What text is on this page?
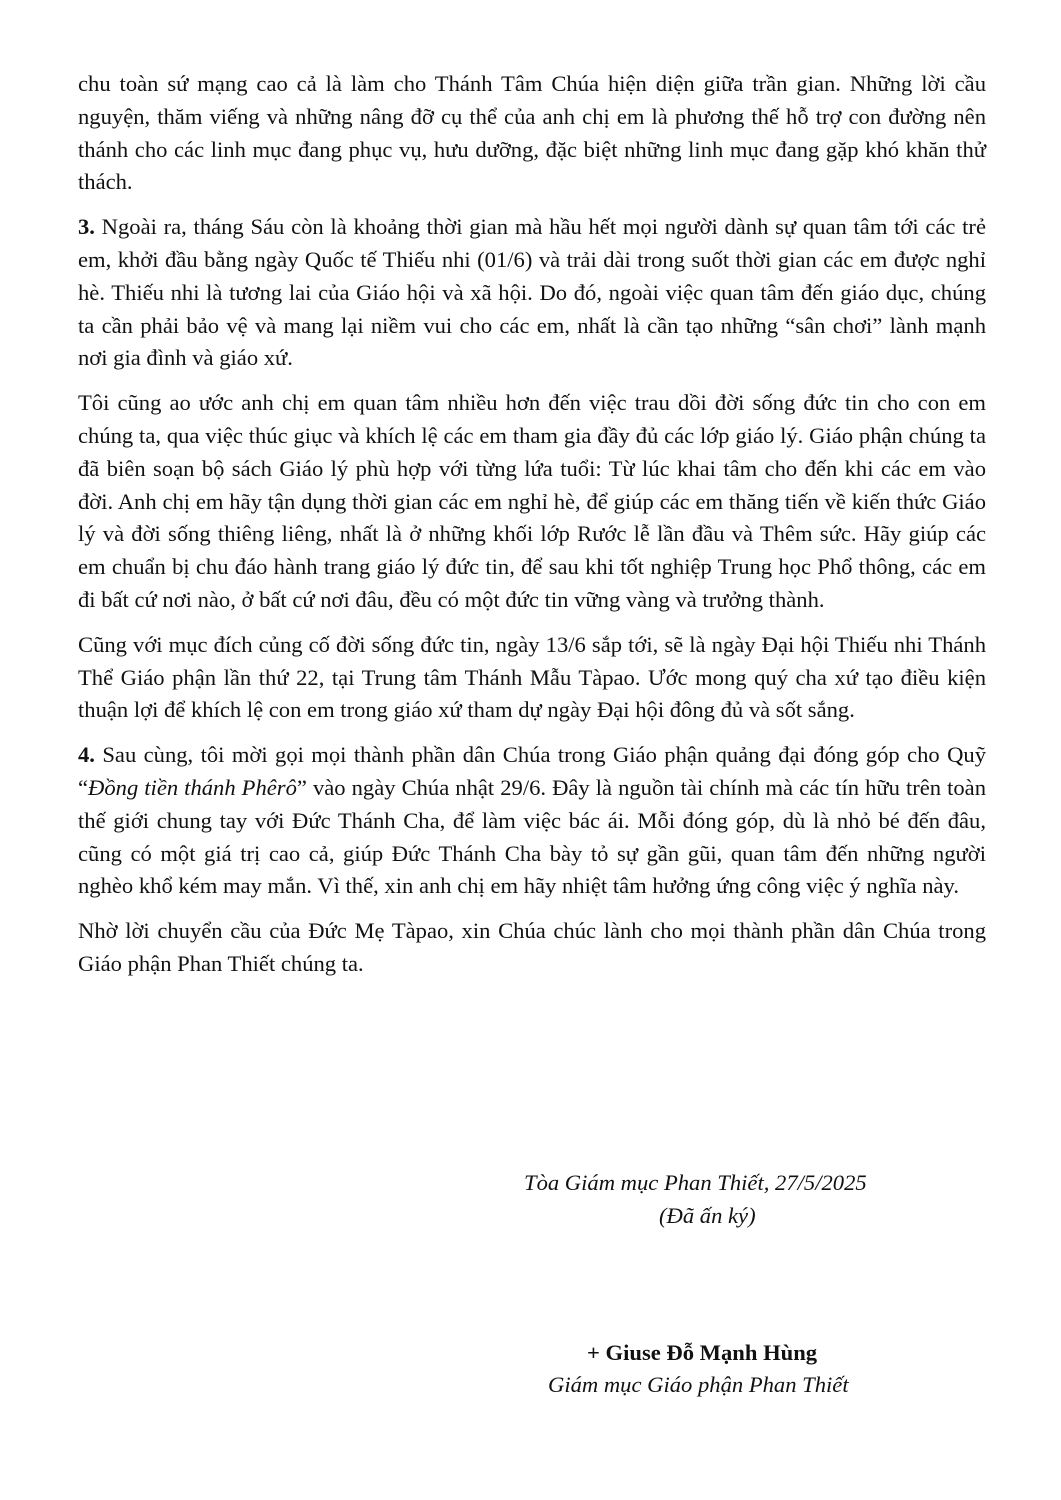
chu toàn sứ mạng cao cả là làm cho Thánh Tâm Chúa hiện diện giữa trần gian. Những lời cầu nguyện, thăm viếng và những nâng đỡ cụ thể của anh chị em là phương thế hỗ trợ con đường nên thánh cho các linh mục đang phục vụ, hưu dưỡng, đặc biệt những linh mục đang gặp khó khăn thử thách.

3. Ngoài ra, tháng Sáu còn là khoảng thời gian mà hầu hết mọi người dành sự quan tâm tới các trẻ em, khởi đầu bằng ngày Quốc tế Thiếu nhi (01/6) và trải dài trong suốt thời gian các em được nghỉ hè. Thiếu nhi là tương lai của Giáo hội và xã hội. Do đó, ngoài việc quan tâm đến giáo dục, chúng ta cần phải bảo vệ và mang lại niềm vui cho các em, nhất là cần tạo những “sân chơi” lành mạnh nơi gia đình và giáo xứ.

Tôi cũng ao ước anh chị em quan tâm nhiều hơn đến việc trau dồi đời sống đức tin cho con em chúng ta, qua việc thúc giục và khích lệ các em tham gia đầy đủ các lớp giáo lý. Giáo phận chúng ta đã biên soạn bộ sách Giáo lý phù hợp với từng lứa tuổi: Từ lúc khai tâm cho đến khi các em vào đời. Anh chị em hãy tận dụng thời gian các em nghỉ hè, để giúp các em thăng tiến về kiến thức Giáo lý và đời sống thiêng liêng, nhất là ở những khối lớp Rước lễ lần đầu và Thêm sức. Hãy giúp các em chuẩn bị chu đáo hành trang giáo lý đức tin, để sau khi tốt nghiệp Trung học Phổ thông, các em đi bất cứ nơi nào, ở bất cứ nơi đâu, đều có một đức tin vững vàng và trưởng thành.

Cũng với mục đích củng cố đời sống đức tin, ngày 13/6 sắp tới, sẽ là ngày Đại hội Thiếu nhi Thánh Thể Giáo phận lần thứ 22, tại Trung tâm Thánh Mẫu Tàpao. Ước mong quý cha xứ tạo điều kiện thuận lợi để khích lệ con em trong giáo xứ tham dự ngày Đại hội đông đủ và sốt sắng.

4. Sau cùng, tôi mời gọi mọi thành phần dân Chúa trong Giáo phận quảng đại đóng góp cho Quỹ “Đồng tiền thánh Phêrô” vào ngày Chúa nhật 29/6. Đây là nguồn tài chính mà các tín hữu trên toàn thế giới chung tay với Đức Thánh Cha, để làm việc bác ái. Mỗi đóng góp, dù là nhỏ bé đến đâu, cũng có một giá trị cao cả, giúp Đức Thánh Cha bày tỏ sự gần gũi, quan tâm đến những người nghèo khổ kém may mắn. Vì thế, xin anh chị em hãy nhiệt tâm hưởng ứng công việc ý nghĩa này.

Nhờ lời chuyển cầu của Đức Mẹ Tàpao, xin Chúa chúc lành cho mọi thành phần dân Chúa trong Giáo phận Phan Thiết chúng ta.

Tòa Giám mục Phan Thiết, 27/5/2025
(Đã ấn ký)
+ Giuse Đỗ Mạnh Hùng
Giám mục Giáo phận Phan Thiết
